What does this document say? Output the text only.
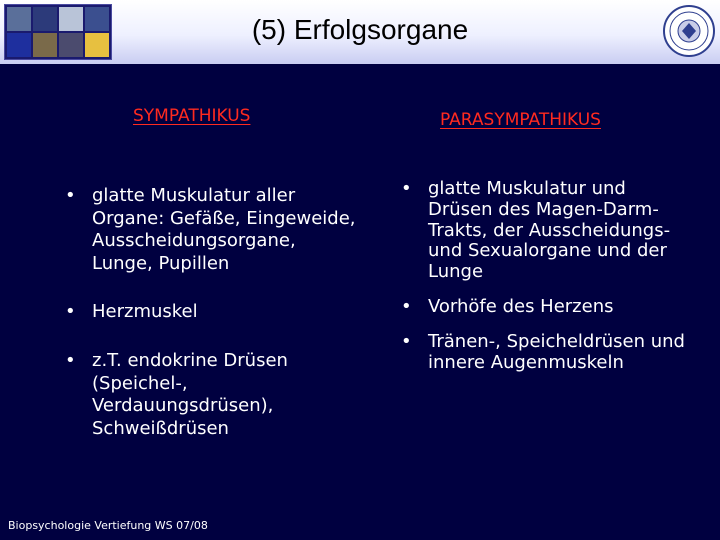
(5) Erfolgsorgane
SYMPATHIKUS	PARASYMPATHIKUS
• glatte Muskulatur aller Organe: Gefäße, Eingeweide, Ausscheidungsorgane, Lunge, Pupillen
• Herzmuskel
• z.T. endokrine Drüsen (Speichel-, Verdauungsdrüsen), Schweißdrüsen
• glatte Muskulatur und Drüsen des Magen-Darm-Trakts, der Ausscheidungs- und Sexualorgane und der Lunge
• Vorhöfe des Herzens
• Tränen-, Speicheldrüsen und innere Augenmuskeln
Biopsychologie Vertiefung WS 07/08
